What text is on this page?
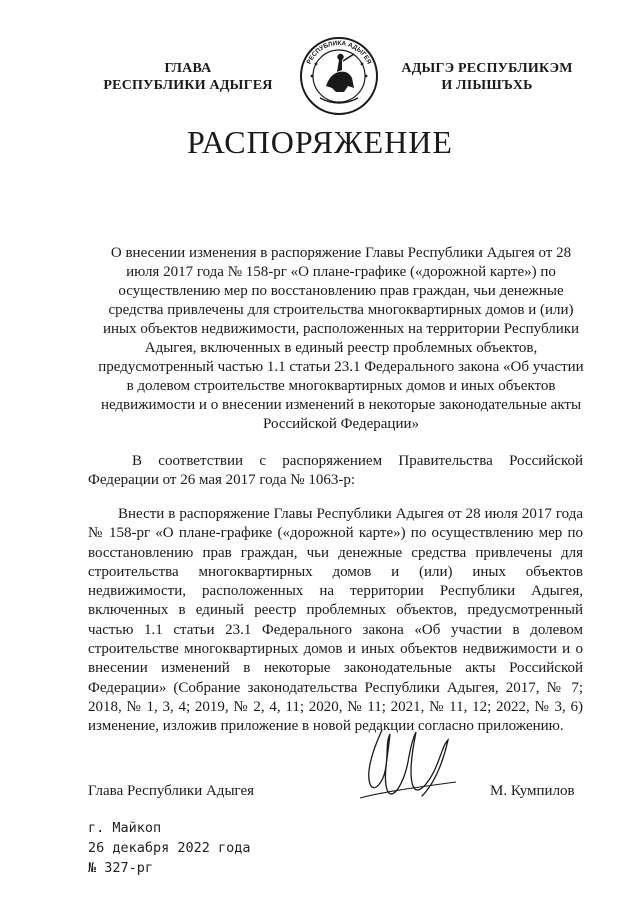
ГЛАВА
РЕСПУБЛИКИ АДЫГЕЯ
РЕСПУБЛИКА АДЫГЕЯ	АДЫГЭ РЕСПУБЛИКЭМ
И ЛІЫШЪХЬ
РАСПОРЯЖЕНИЕ
О внесении изменения в распоряжение Главы Республики Адыгея от 28 июля 2017 года № 158-рг «О плане-графике («дорожной карте») по осуществлению мер по восстановлению прав граждан, чьи денежные средства привлечены для строительства многоквартирных домов и (или) иных объектов недвижимости, расположенных на территории Республики Адыгея, включенных в единый реестр проблемных объектов, предусмотренный частью 1.1 статьи 23.1 Федерального закона «Об участии в долевом строительстве многоквартирных домов и иных объектов недвижимости и о внесении изменений в некоторые законодательные акты Российской Федерации»
В соответствии с распоряжением Правительства Российской Федерации от 26 мая 2017 года № 1063-р:
Внести в распоряжение Главы Республики Адыгея от 28 июля 2017 года № 158-рг «О плане-графике («дорожной карте») по осуществлению мер по восстановлению прав граждан, чьи денежные средства привлечены для строительства многоквартирных домов и (или) иных объектов недвижимости, расположенных на территории Республики Адыгея, включенных в единый реестр проблемных объектов, предусмотренный частью 1.1 статьи 23.1 Федерального закона «Об участии в долевом строительстве многоквартирных домов и иных объектов недвижимости и о внесении изменений в некоторые законодательные акты Российской Федерации» (Собрание законодательства Республики Адыгея, 2017, № 7; 2018, № 1, 3, 4; 2019, № 2, 4, 11; 2020, № 11; 2021, № 11, 12; 2022, № 3, 6) изменение, изложив приложение в новой редакции согласно приложению.
Глава Республики Адыгея	М. Кумпилов
г. Майкоп
26 декабря 2022 года
№ 327-рг
